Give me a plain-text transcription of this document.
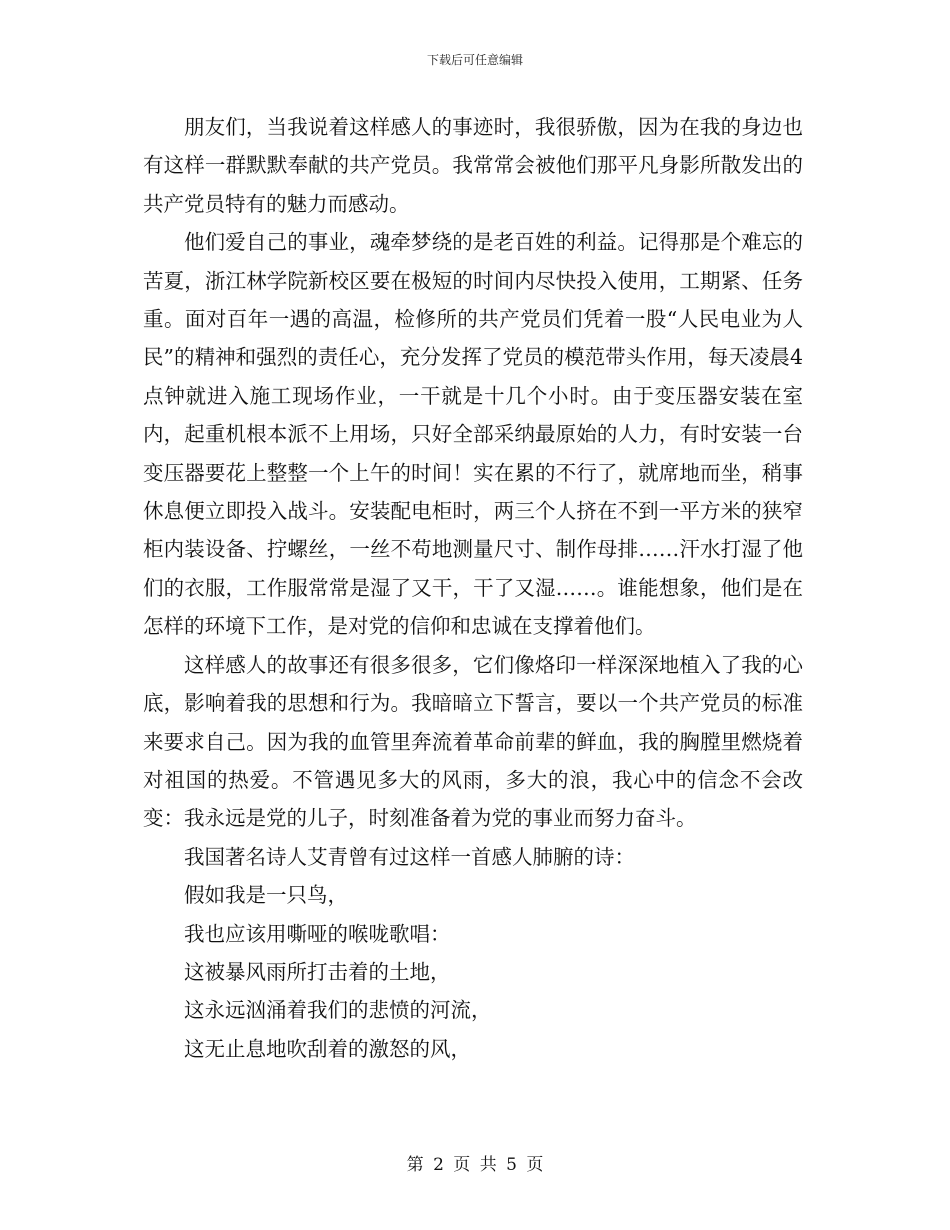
下载后可任意编辑

朋友们，当我说着这样感人的事迹时，我很骄傲，因为在我的身边也有这样一群默默奉献的共产党员。我常常会被他们那平凡身影所散发出的共产党员特有的魅力而感动。

他们爱自己的事业，魂牵梦绕的是老百姓的利益。记得那是个难忘的苦夏，浙江林学院新校区要在极短的时间内尽快投入使用，工期紧、任务重。面对百年一遇的高温，检修所的共产党员们凭着一股“人民电业为人民”的精神和强烈的责任心，充分发挥了党员的模范带头作用，每天凌晨4点钟就进入施工现场作业，一干就是十几个小时。由于变压器安装在室内，起重机根本派不上用场，只好全部采纳最原始的人力，有时安装一台变压器要花上整整一个上午的时间！实在累的不行了，就席地而坐，稍事休息便立即投入战斗。安装配电柜时，两三个人挤在不到一平方米的狭窄柜内装设备、拧螺丝，一丝不苟地测量尺寸、制作母排……汗水打湿了他们的衣服，工作服常常是湿了又干，干了又湿……。谁能想象，他们是在怎样的环境下工作，是对党的信仰和忠诚在支撑着他们。

这样感人的故事还有很多很多，它们像烙印一样深深地植入了我的心底，影响着我的思想和行为。我暗暗立下誓言，要以一个共产党员的标准来要求自己。因为我的血管里奔流着革命前辈的鲜血，我的胸膛里燃烧着对祖国的热爱。不管遇见多大的风雨，多大的浪，我心中的信念不会改变：我永远是党的儿子，时刻准备着为党的事业而努力奋斗。

我国著名诗人艾青曾有过这样一首感人肺腑的诗：

假如我是一只鸟，

我也应该用嘶哑的喉咙歌唱：

这被暴风雨所打击着的土地，

这永远汹涌着我们的悲愤的河流，

这无止息地吹刮着的激怒的风，

第 2 页 共 5 页
